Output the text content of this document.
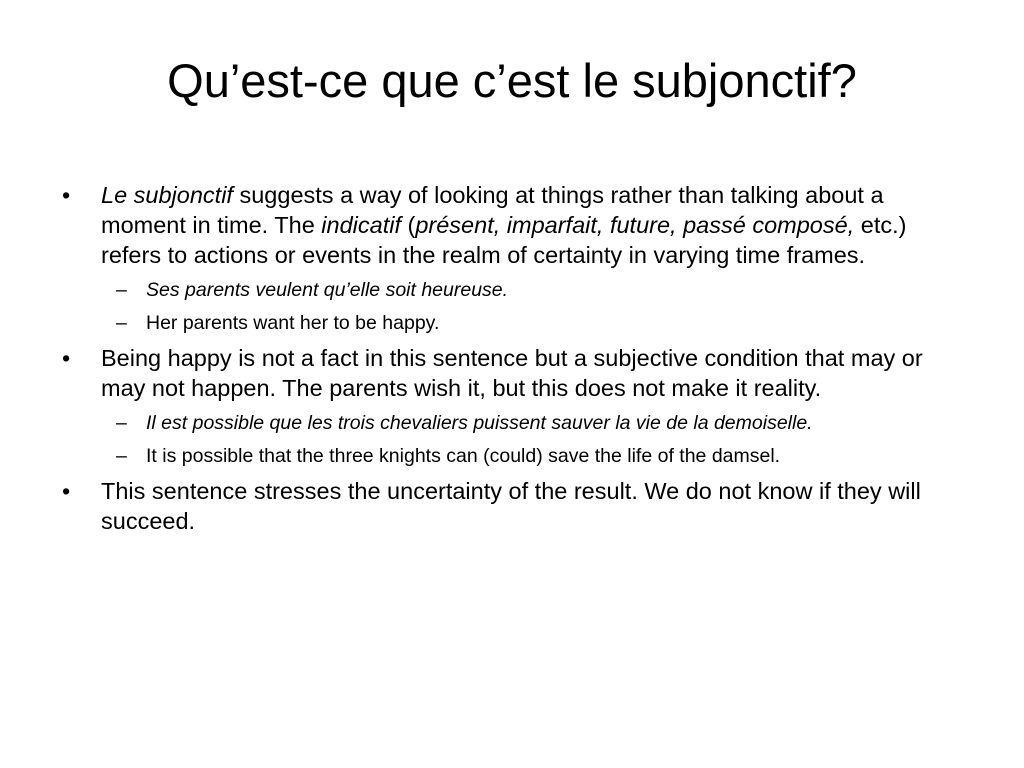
Qu’est-ce que c’est le subjonctif?
• Le subjonctif suggests a way of looking at things rather than talking about a moment in time. The indicatif (présent, imparfait, future, passé composé, etc.) refers to actions or events in the realm of certainty in varying time frames.
– Ses parents veulent qu’elle soit heureuse.
– Her parents want her to be happy.
• Being happy is not a fact in this sentence but a subjective condition that may or may not happen. The parents wish it, but this does not make it reality.
– Il est possible que les trois chevaliers puissent sauver la vie de la demoiselle.
– It is possible that the three knights can (could) save the life of the damsel.
• This sentence stresses the uncertainty of the result. We do not know if they will succeed.
